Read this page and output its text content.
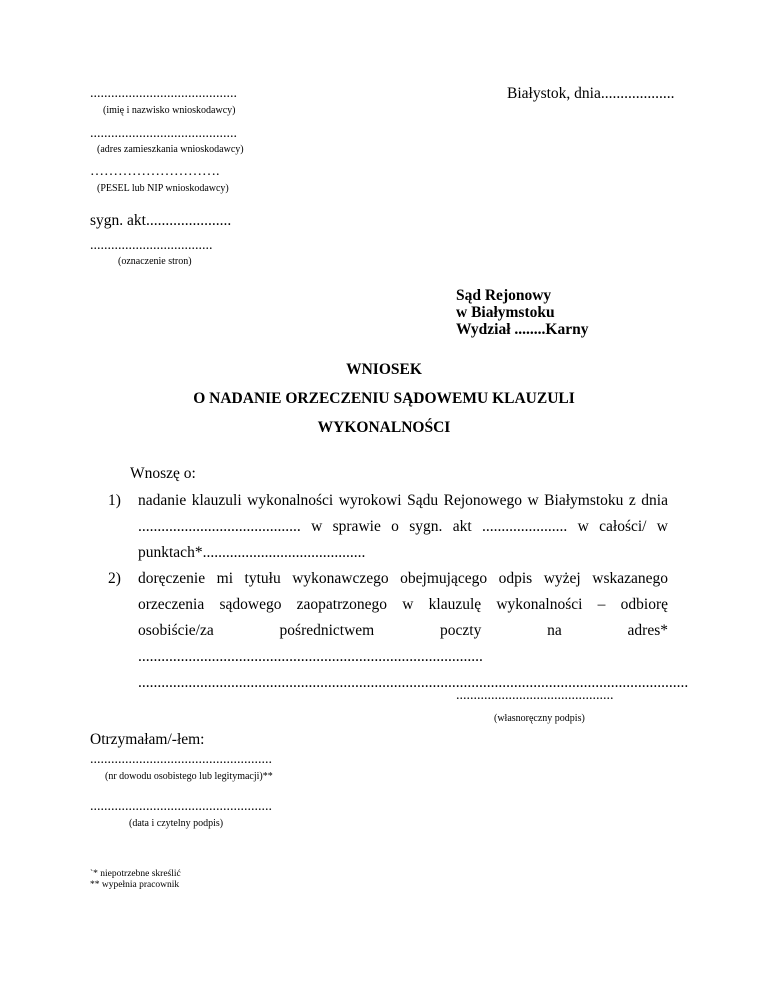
..........................................
(imię i nazwisko wnioskodawcy)
Białystok, dnia...................
..........................................
(adres zamieszkania wnioskodawcy)
……………………….
(PESEL lub NIP wnioskodawcy)
sygn. akt......................
...................................
(oznaczenie stron)
Sąd Rejonowy
w Białymstoku
Wydział ........Karny
WNIOSEK
O NADANIE ORZECZENIU SĄDOWEMU KLAUZULI
WYKONALNOŚCI
Wnoszę o:
1) nadanie klauzuli wykonalności wyrokowi Sądu Rejonowego w Białymstoku z dnia .......................................... w sprawie o sygn. akt ...................... w całości/ w punktach*..........................................
2) doręczenie mi tytułu wykonawczego obejmującego odpis wyżej wskazanego orzeczenia sądowego zaopatrzonego w klauzulę wykonalności – odbiorę osobiście/za pośrednictwem poczty na adres* ......................................................................................... ..............................................................................................................................................
.............................................
(własnoręczny podpis)
Otrzymałam/-łem:
....................................................
(nr dowodu osobistego lub legitymacji)**
....................................................
(data i czytelny podpis)
`* niepotrzebne skreślić
** wypełnia pracownik
